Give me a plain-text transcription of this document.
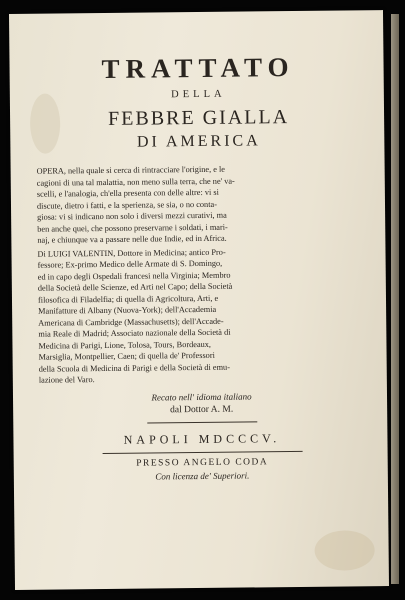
TRATTATO
DELLA
FEBBRE GIALLA
DI AMERICA
OPERA, nella quale si cerca di rintracciare l'origine, e le
cagioni di una tal malattia, non meno sulla terra, che ne' va-
scelli, e l'analogia, ch'ella presenta con delle altre: vi si
discute, dietro i fatti, e la sperienza, se sia, o no conta-
giosa: vi si indicano non solo i diversi mezzi curativi, ma
ben anche quei, che possono preservarne i soldati, i mari-
naj, e chiunque va a passare nelle due Indie, ed in Africa.
Di LUIGI VALENTIN, Dottore in Medicina; antico Pro-
fessore; Ex-primo Medico delle Armate di S. Domingo,
ed in capo degli Ospedali francesi nella Virginia; Membro
della Società delle Scienze, ed Arti nel Capo; della Società
filosofica di Filadelfia; di quella di Agricoltura, Arti, e
Manifatture di Albany (Nuova-York); dell'Accademia
Americana di Cambridge (Massachusetts); dell'Accade-
mia Reale di Madrid; Associato nazionale della Società di
Medicina di Parigi, Lione, Tolosa, Tours, Bordeaux,
Marsiglia, Montpellier, Caen; di quella de' Professori
della Scuola di Medicina di Parigi e della Società di emu-
lazione del Varo.
Recato nell' idioma italiano
dal Dottor A. M.
NAPOLI MDCCCV.
PRESSO ANGELO CODA
Con licenza de' Superiori.
